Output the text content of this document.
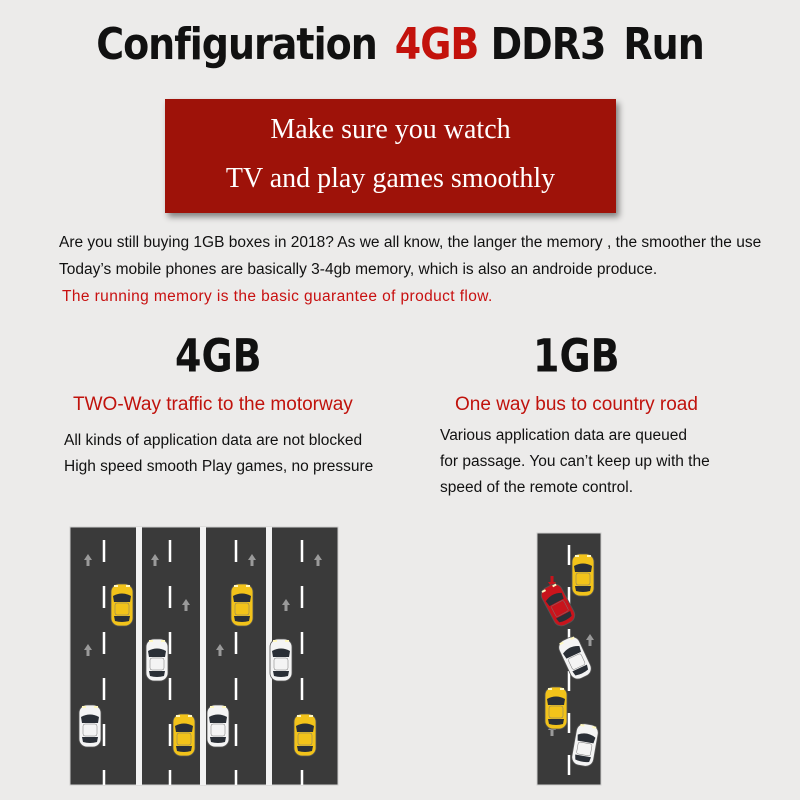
Configuration 4GB DDR3 Run
Make sure you watch
TV and play games smoothly
Are you still buying 1GB boxes in 2018? As we all know, the langer the memory , the smoother the use
Today’s mobile phones are basically 3-4gb memory, which is also an androide produce.
The running memory is the basic guarantee of product flow.
4GB
TWO-Way traffic to the motorway
All kinds of application data are not blocked
High speed smooth Play games, no pressure
1GB
One way bus to country road
Various application data are queued
for passage. You can’t keep up with the
speed of the remote control.
